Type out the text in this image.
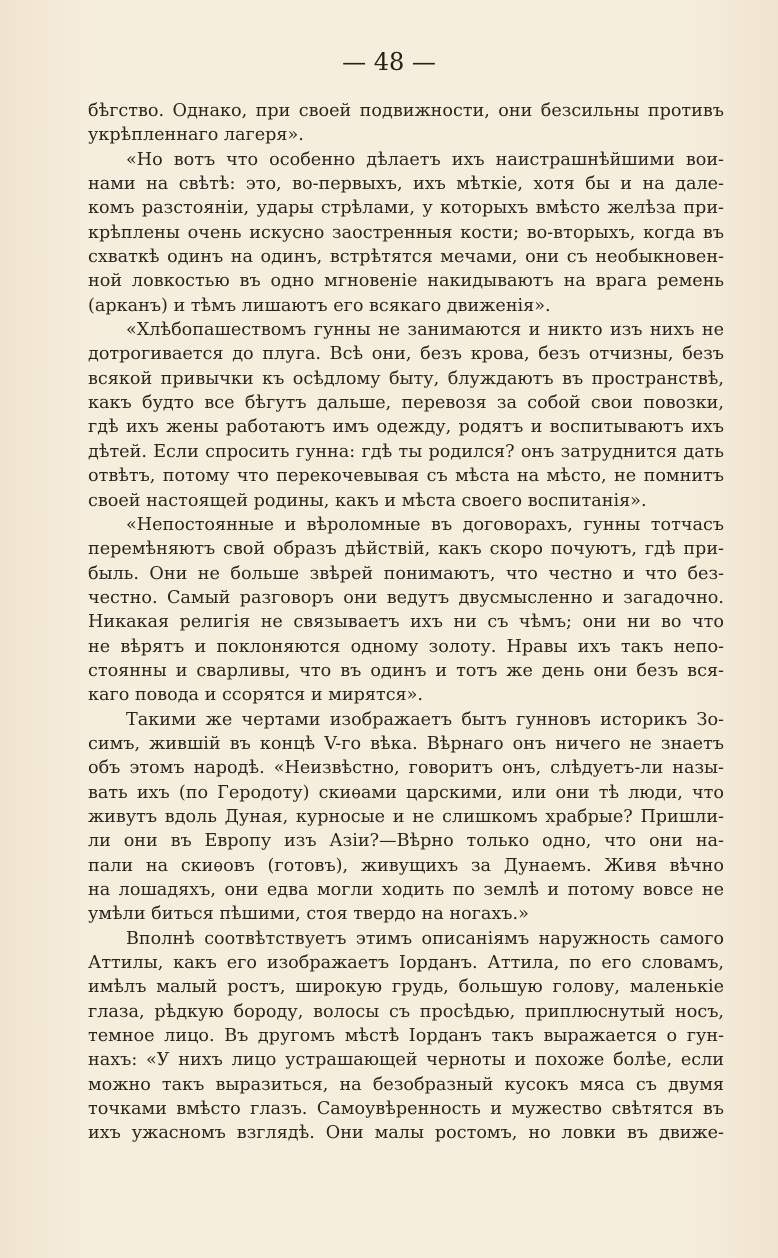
— 48 —
бѣгство. Однако, при своей подвижности, они безсильны противъ
укрѣпленнаго лагеря».
«Но вотъ что особенно дѣлаетъ ихъ наистрашнѣйшими вои-
нами на свѣтѣ: это, во-первыхъ, ихъ мѣткіе, хотя бы и на дале-
комъ разстояніи, удары стрѣлами, у которыхъ вмѣсто желѣза при-
крѣплены очень искусно заостренныя кости; во-вторыхъ, когда въ
схваткѣ одинъ на одинъ, встрѣтятся мечами, они съ необыкновен-
ной ловкостью въ одно мгновеніе накидываютъ на врага ремень
(арканъ) и тѣмъ лишаютъ его всякаго движенія».
«Хлѣбопашествомъ гунны не занимаются и никто изъ нихъ не
дотрогивается до плуга. Всѣ они, безъ крова, безъ отчизны, безъ
всякой привычки къ осѣдлому быту, блуждаютъ въ пространствѣ,
какъ будто все бѣгутъ дальше, перевозя за собой свои повозки,
гдѣ ихъ жены работаютъ имъ одежду, родятъ и воспитываютъ ихъ
дѣтей. Если спросить гунна: гдѣ ты родился? онъ затруднится дать
отвѣтъ, потому что перекочевывая съ мѣста на мѣсто, не помнитъ
своей настоящей родины, какъ и мѣста своего воспитанія».
«Непостоянные и вѣроломные въ договорахъ, гунны тотчасъ
перемѣняютъ свой образъ дѣйствій, какъ скоро почуютъ, гдѣ при-
быль. Они не больше звѣрей понимаютъ, что честно и что без-
честно. Самый разговоръ они ведутъ двусмысленно и загадочно.
Никакая религія не связываетъ ихъ ни съ чѣмъ; они ни во что
не вѣрятъ и поклоняются одному золоту. Нравы ихъ такъ непо-
стоянны и сварливы, что въ одинъ и тотъ же день они безъ вся-
каго повода и ссорятся и мирятся».
Такими же чертами изображаетъ бытъ гунновъ историкъ Зо-
симъ, жившій въ концѣ V-го вѣка. Вѣрнаго онъ ничего не знаетъ
объ этомъ народѣ. «Неизвѣстно, говоритъ онъ, слѣдуетъ-ли назы-
вать ихъ (по Геродоту) скиѳами царскими, или они тѣ люди, что
живутъ вдоль Дуная, курносые и не слишкомъ храбрые? Пришли-
ли они въ Европу изъ Азіи?—Вѣрно только одно, что они на-
пали на скиѳовъ (готовъ), живущихъ за Дунаемъ. Живя вѣчно
на лошадяхъ, они едва могли ходить по землѣ и потому вовсе не
умѣли биться пѣшими, стоя твердо на ногахъ.»
Вполнѣ соотвѣтствуетъ этимъ описаніямъ наружность самого
Аттилы, какъ его изображаетъ Іорданъ. Аттила, по его словамъ,
имѣлъ малый ростъ, широкую грудь, большую голову, маленькіе
глаза, рѣдкую бороду, волосы съ просѣдью, приплюснутый носъ,
темное лицо. Въ другомъ мѣстѣ Іорданъ такъ выражается о гун-
нахъ: «У нихъ лицо устрашающей черноты и похоже болѣе, если
можно такъ выразиться, на безобразный кусокъ мяса съ двумя
точками вмѣсто глазъ. Самоувѣренность и мужество свѣтятся въ
ихъ ужасномъ взглядѣ. Они малы ростомъ, но ловки въ движе-
